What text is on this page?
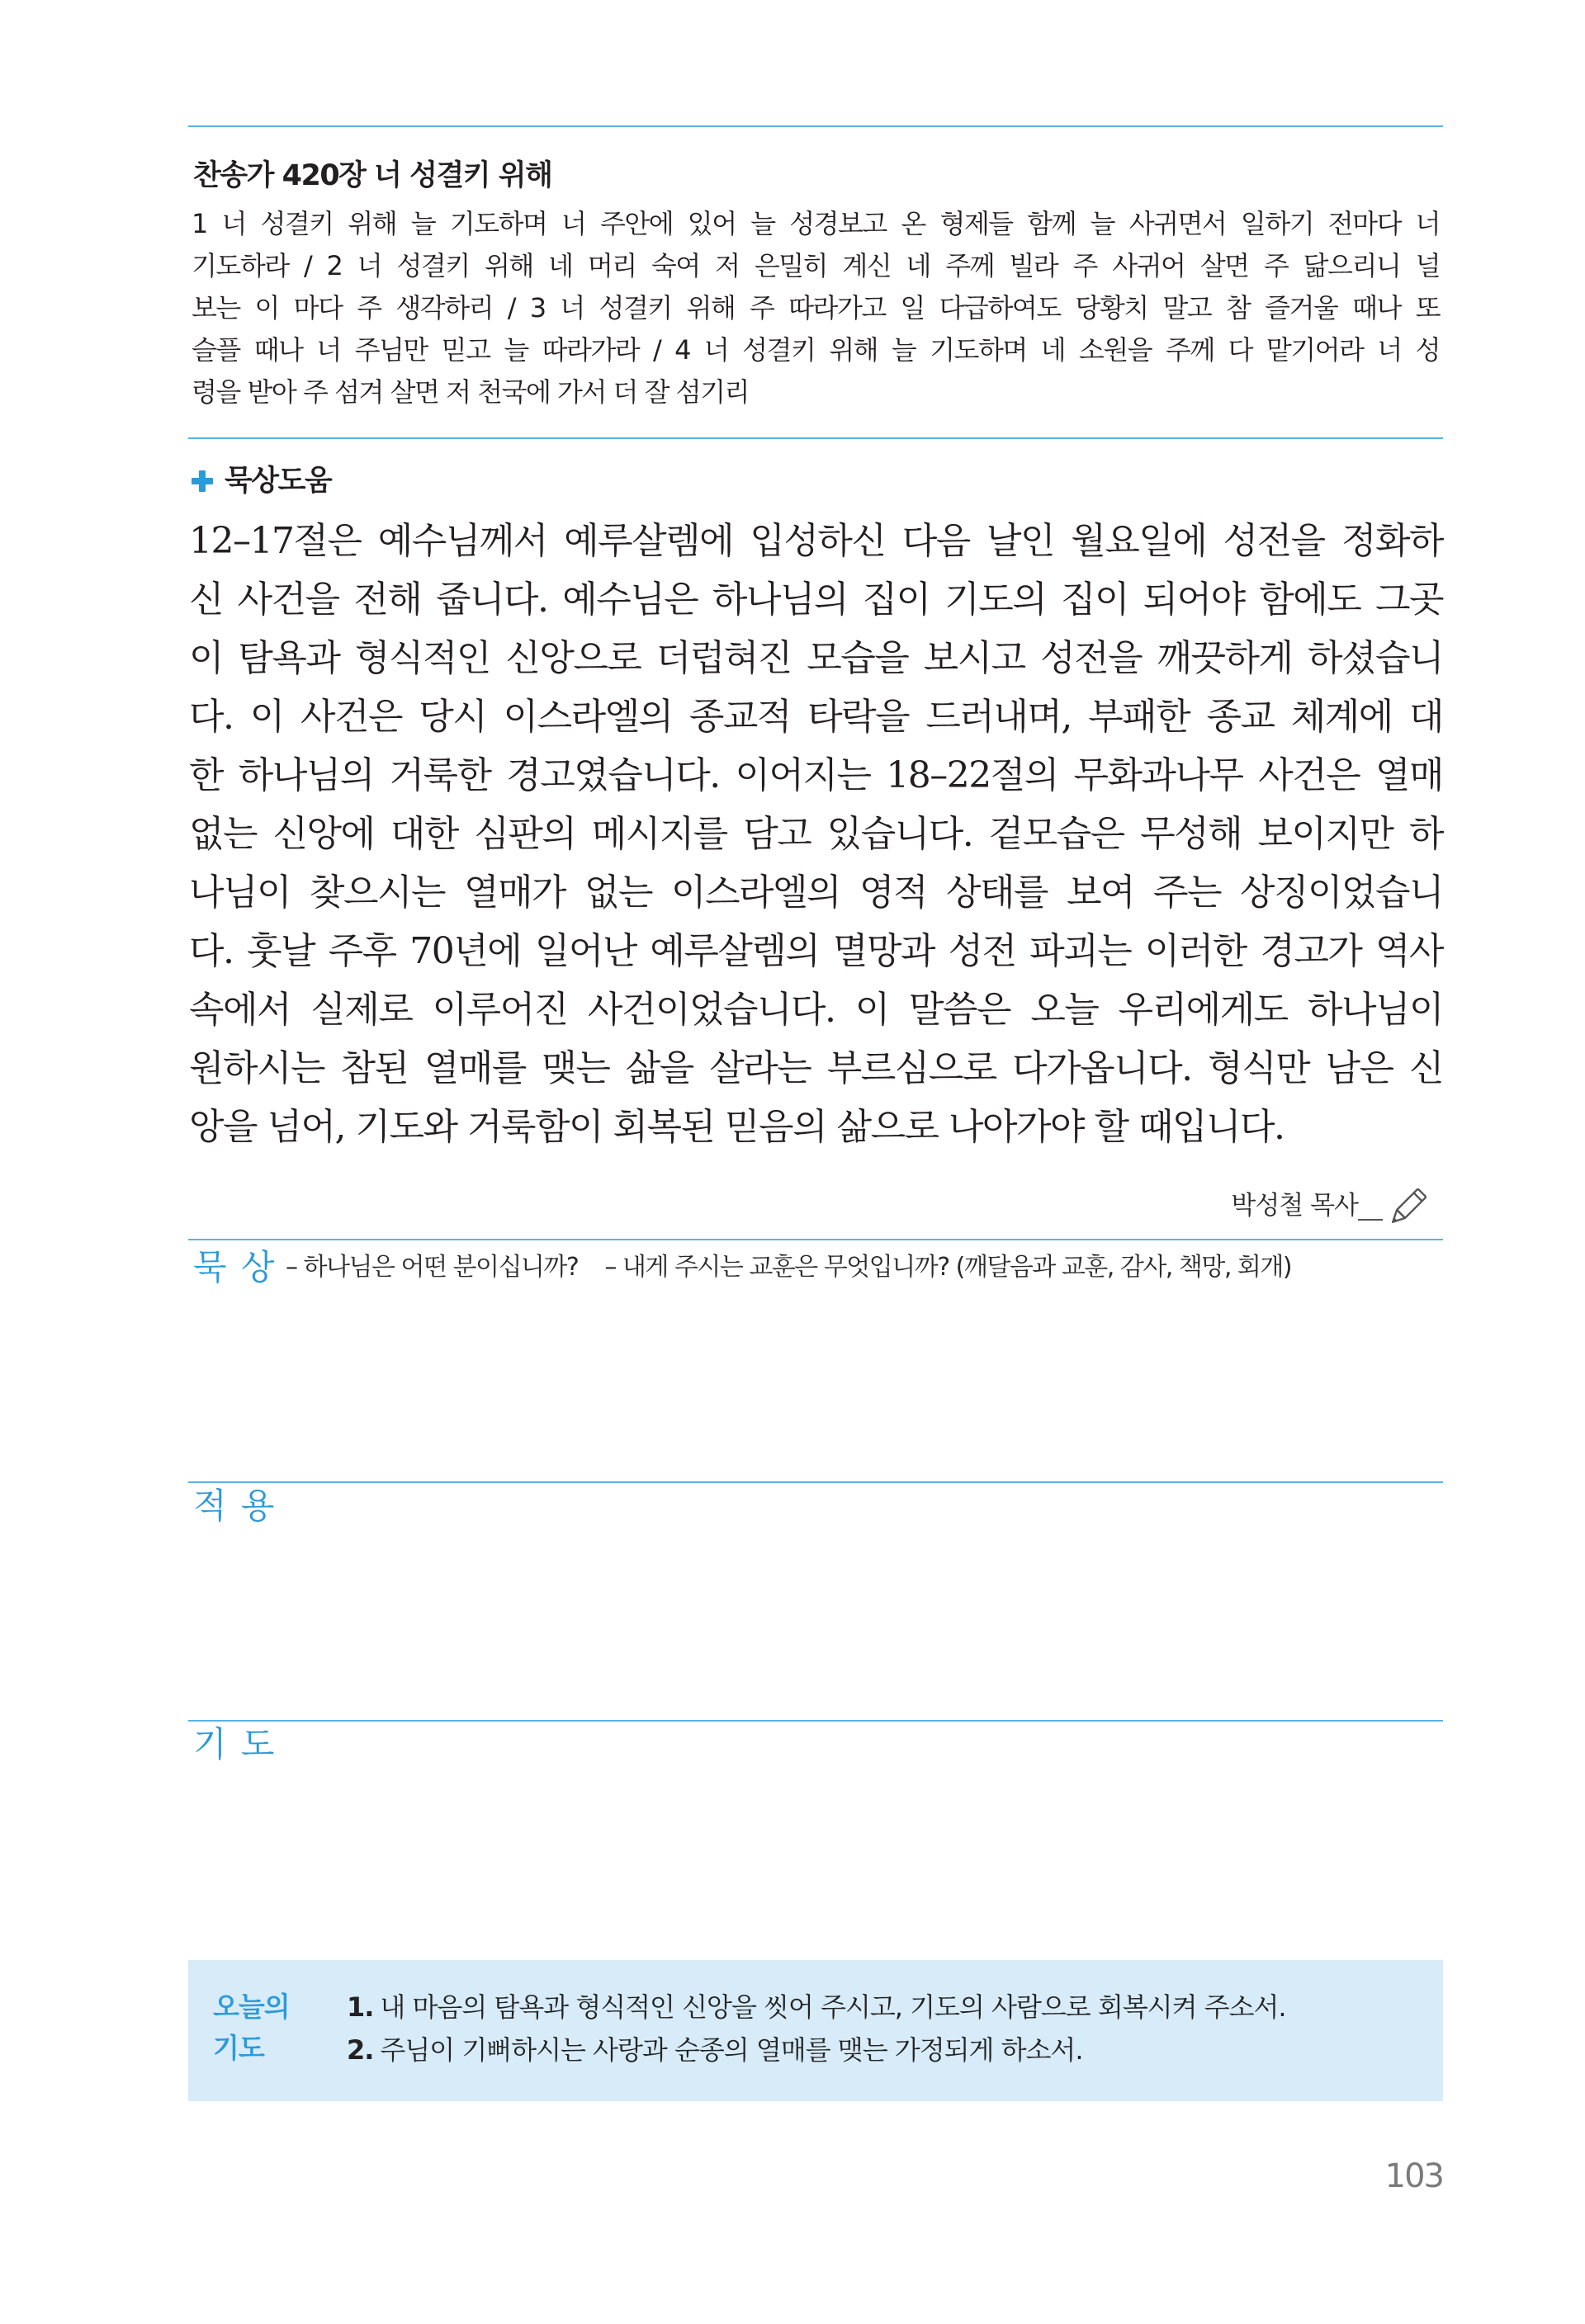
찬송가 420장 너 성결키 위해
1 너 성결키 위해 늘 기도하며 너 주안에 있어 늘 성경보고 온 형제들 함께 늘 사귀면서 일하기 전마다 너
기도하라 / 2 너 성결키 위해 네 머리 숙여 저 은밀히 계신 네 주께 빌라 주 사귀어 살면 주 닮으리니 널
보는 이 마다 주 생각하리 / 3 너 성결키 위해 주 따라가고 일 다급하여도 당황치 말고 참 즐거울 때나 또
슬플 때나 너 주님만 믿고 늘 따라가라 / 4 너 성결키 위해 늘 기도하며 네 소원을 주께 다 맡기어라 너 성
령을 받아 주 섬겨 살면 저 천국에 가서 더 잘 섬기리
묵상도움
12–17절은 예수님께서 예루살렘에 입성하신 다음 날인 월요일에 성전을 정화하
신 사건을 전해 줍니다. 예수님은 하나님의 집이 기도의 집이 되어야 함에도 그곳
이 탐욕과 형식적인 신앙으로 더럽혀진 모습을 보시고 성전을 깨끗하게 하셨습니
다. 이 사건은 당시 이스라엘의 종교적 타락을 드러내며, 부패한 종교 체계에 대
한 하나님의 거룩한 경고였습니다. 이어지는 18–22절의 무화과나무 사건은 열매
없는 신앙에 대한 심판의 메시지를 담고 있습니다. 겉모습은 무성해 보이지만 하
나님이 찾으시는 열매가 없는 이스라엘의 영적 상태를 보여 주는 상징이었습니
다. 훗날 주후 70년에 일어난 예루살렘의 멸망과 성전 파괴는 이러한 경고가 역사
속에서 실제로 이루어진 사건이었습니다. 이 말씀은 오늘 우리에게도 하나님이
원하시는 참된 열매를 맺는 삶을 살라는 부르심으로 다가옵니다. 형식만 남은 신
앙을 넘어, 기도와 거룩함이 회복된 믿음의 삶으로 나아가야 할 때입니다.
박성철 목사
묵 상 – 하나님은 어떤 분이십니까? – 내게 주시는 교훈은 무엇입니까? (깨달음과 교훈, 감사, 책망, 회개)
적 용
기 도
오늘의
기도
1. 내 마음의 탐욕과 형식적인 신앙을 씻어 주시고, 기도의 사람으로 회복시켜 주소서.
2. 주님이 기뻐하시는 사랑과 순종의 열매를 맺는 가정되게 하소서.
103
